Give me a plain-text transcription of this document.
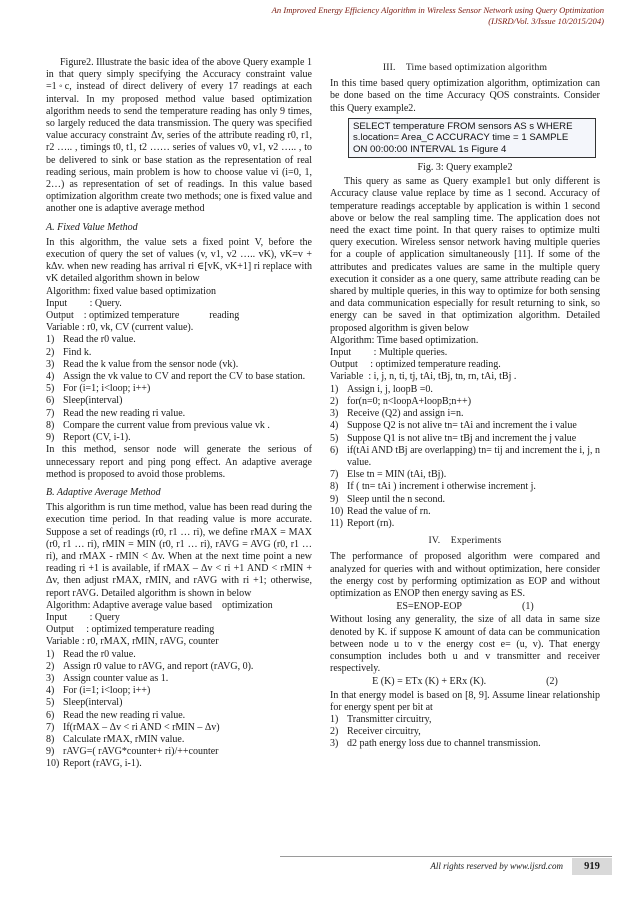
An Improved Energy Efficiency Algorithm in Wireless Sensor Network using Query Optimization
(IJSRD/Vol. 3/Issue 10/2015/204)

Figure2. Illustrate the basic idea of the above Query example 1 in that query simply specifying the Accuracy constraint value =1◦c, instead of direct delivery of every 17 readings at each interval. In my proposed method value based optimization algorithm needs to send the temperature reading has only 9 times, so largely reduced the data transmission. The query was specified value accuracy constraint Δv, series of the attribute reading r0, r1, r2 ….. , timings t0, t1, t2 …… series of values v0, v1, v2 ….. , to be delivered to sink or base station as the representation of real reading serious, main problem is how to choose value vi (i=0, 1, 2…) as representation of set of readings. In this value based optimization algorithm create two methods; one is fixed value and another one is adaptive average method

A. Fixed Value Method

In this algorithm, the value sets a fixed point V, before the execution of query the set of values (v, v1, v2 ….. vK), vK=v + kΔv. when new reading has arrival ri ∈[vK, vK+1] ri replace with vK detailed algorithm shown in below

Algorithm: fixed value based optimization
Input         : Query.
Output    : optimized temperature            reading
Variable : r0, vk, CV (current value).
1) Read the r0 value.
2) Find k.
3) Read the k value from the sensor node (vk).
4) Assign the vk value to CV and report the CV to base station.
5) For (i=1; i<loop; i++)
6) Sleep(interval)
7) Read the new reading ri value.
8) Compare the current value from previous value vk .
9) Report (CV, i-1).

In this method, sensor node will generate the serious of unnecessary report and ping pong effect. An adaptive average method is proposed to avoid those problems.

B. Adaptive Average Method

This algorithm is run time method, value has been read during the execution time period. In that reading value is more accurate. Suppose a set of readings (r0, r1 … ri), we define rMAX = MAX (r0, r1 … ri), rMIN = MIN (r0, r1 … ri), rAVG = AVG (r0, r1 … ri), and rMAX - rMIN < Δv. When at the next time point a new reading ri +1 is available, if rMAX – Δv < ri +1 AND < rMIN + Δv, then adjust rMAX, rMIN, and rAVG with ri +1; otherwise, report rAVG. Detailed algorithm is shown in below

Algorithm: Adaptive average value based    optimization
Input         : Query
Output     : optimized temperature reading
Variable : r0, rMAX, rMIN, rAVG, counter
1) Read the r0 value.
2) Assign r0 value to rAVG, and report (rAVG, 0).
3) Assign counter value as 1.
4) For (i=1; i<loop; i++)
5) Sleep(interval)
6) Read the new reading ri value.
7) If(rMAX – Δv < ri AND < rMIN – Δv)
8) Calculate rMAX, rMIN value.
9) rAVG=( rAVG*counter+ ri)/++counter
10) Report (rAVG, i-1).
III.    Time based optimization algorithm

In this time based query optimization algorithm, optimization can be done based on the time Accuracy QOS constraints. Consider this Query example2.

SELECT temperature FROM sensors AS s WHERE
s.location= Area_C ACCURACY time = 1 SAMPLE
ON 00:00:00 INTERVAL 1s Figure 4
Fig. 3: Query example2

This query as same as Query example1 but only different is Accuracy clause value replace by time as 1 second. Accuracy of temperature readings acceptable by application is within 1 second above or below the real sampling time. The application does not need the exact time point. In that query raises to optimize multi query execution. Wireless sensor network having multiple queries for a couple of application simultaneously [11]. If some of the attributes and predicates values are same in the multiple query execution it consider as a one query, same attribute reading can be shared by multiple queries, in this way to optimize for both sensing and data communication especially for result returning to sink, so energy can be saved in that optimization algorithm. Detailed proposed algorithm is given below

Algorithm: Time based optimization.
Input         : Multiple queries.
Output     : optimized temperature reading.
Variable  : i, j, n, ti, tj, tAi, tBj, tn, rn, tAi, tBj .
1) Assign i, j, loopB =0.
2) for(n=0; n<loopA+loopB;n++)
3) Receive (Q2) and assign i=n.
4) Suppose Q2 is not alive tn= tAi and increment the i value
5) Suppose Q1 is not alive tn= tBj and increment the j value
6) if(tAi AND tBj are overlapping) tn= tij and increment the i, j, n value.
7) Else tn = MIN (tAi, tBj).
8) If ( tn= tAi ) increment i otherwise increment j.
9) Sleep until the n second.
10) Read the value of rn.
11) Report (rn).
IV.    Experiments

The performance of proposed algorithm were compared and analyzed for queries with and without optimization, here consider the energy cost by performing optimization as EOP and without optimization as ENOP then energy saving as ES.

ES=ENOP-EOP	(1)

Without losing any generality, the size of all data in same size denoted by K. if suppose K amount of data can be communication between node u to v the energy cost e= (u, v). That energy consumption includes both u and v transmitter and receiver respectively.

E (K) = ETx (K) + ERx (K).	(2)

In that energy model is based on [8, 9]. Assume linear relationship for energy spent per bit at

1) Transmitter circuitry,
2) Receiver circuitry,
3) d2 path energy loss due to channel transmission.
All rights reserved by www.ijsrd.com	919
